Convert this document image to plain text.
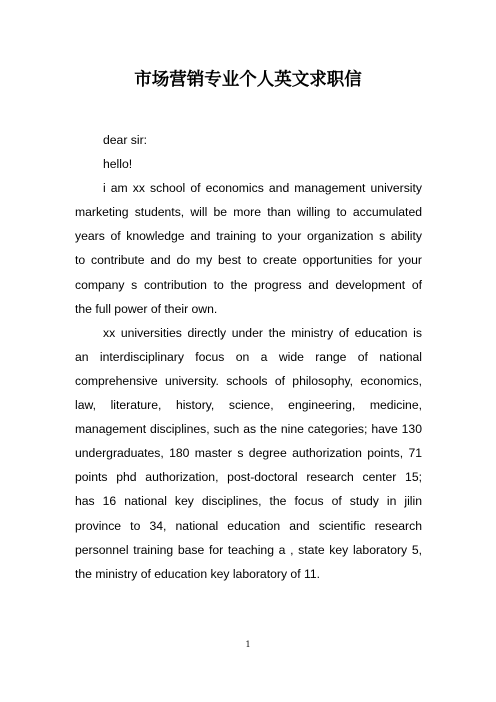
市场营销专业个人英文求职信
dear sir:
hello!
i am xx school of economics and management university
marketing students, will be more than willing to accumulated
years of knowledge and training to your organization s ability
to contribute and do my best to create opportunities for your
company s contribution to the progress and development of
the full power of their own.
xx universities directly under the ministry of education is
an interdisciplinary focus on a wide range of national
comprehensive university. schools of philosophy, economics,
law, literature, history, science, engineering, medicine,
management disciplines, such as the nine categories; have 130
undergraduates, 180 master s degree authorization points, 71
points phd authorization, post-doctoral research center 15;
has 16 national key disciplines, the focus of study in jilin
province to 34, national education and scientific research
personnel training base for teaching a , state key laboratory 5,
the ministry of education key laboratory of 11.
1
